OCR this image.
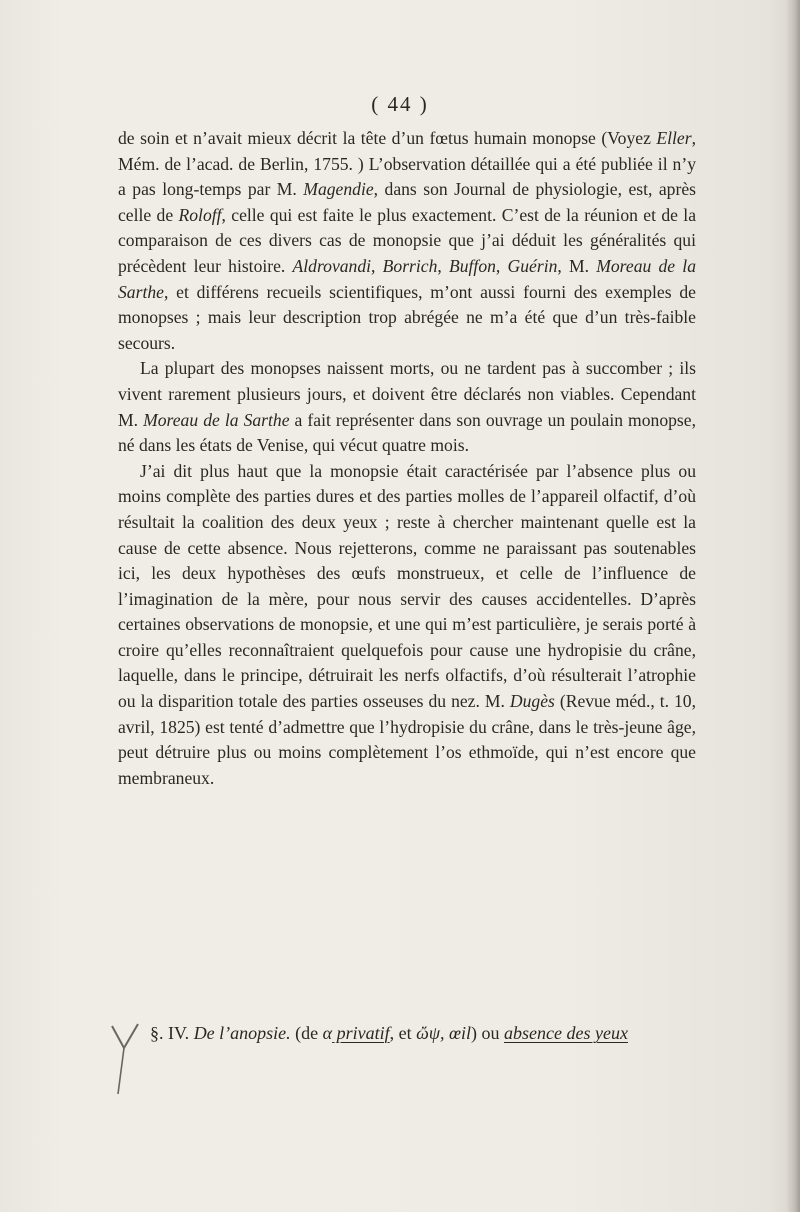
( 44 )

de soin et n’avait mieux décrit la tête d’un fœtus humain monopse (Voyez Eller, Mém. de l’acad. de Berlin, 1755. ) L’observation détaillée qui a été publiée il n’y a pas long-temps par M. Magendie, dans son Journal de physiologie, est, après celle de Roloff, celle qui est faite le plus exactement. C’est de la réunion et de la comparaison de ces divers cas de monopsie que j’ai déduit les généralités qui précèdent leur histoire. Aldrovandi, Borrich, Buffon, Guérin, M. Moreau de la Sarthe, et différens recueils scientifiques, m’ont aussi fourni des exemples de monopses ; mais leur description trop abrégée ne m’a été que d’un très-faible secours.

La plupart des monopses naissent morts, ou ne tardent pas à succomber ; ils vivent rarement plusieurs jours, et doivent être déclarés non viables. Cependant M. Moreau de la Sarthe a fait représenter dans son ouvrage un poulain monopse, né dans les états de Venise, qui vécut quatre mois.

J’ai dit plus haut que la monopsie était caractérisée par l’absence plus ou moins complète des parties dures et des parties molles de l’appareil olfactif, d’où résultait la coalition des deux yeux ; reste à chercher maintenant quelle est la cause de cette absence. Nous rejetterons, comme ne paraissant pas soutenables ici, les deux hypothèses des œufs monstrueux, et celle de l’influence de l’imagination de la mère, pour nous servir des causes accidentelles. D’après certaines observations de monopsie, et une qui m’est particulière, je serais porté à croire qu’elles reconnaîtraient quelquefois pour cause une hydropisie du crâne, laquelle, dans le principe, détruirait les nerfs olfactifs, d’où résulterait l’atrophie ou la disparition totale des parties osseuses du nez. M. Dugès (Revue méd., t. 10, avril, 1825) est tenté d’admettre que l’hydropisie du crâne, dans le très-jeune âge, peut détruire plus ou moins complètement l’os ethmoïde, qui n’est encore que membraneux.

§. IV. De l’anopsie. (de α privatif, et ὤψ, œil) ou absence des yeux
